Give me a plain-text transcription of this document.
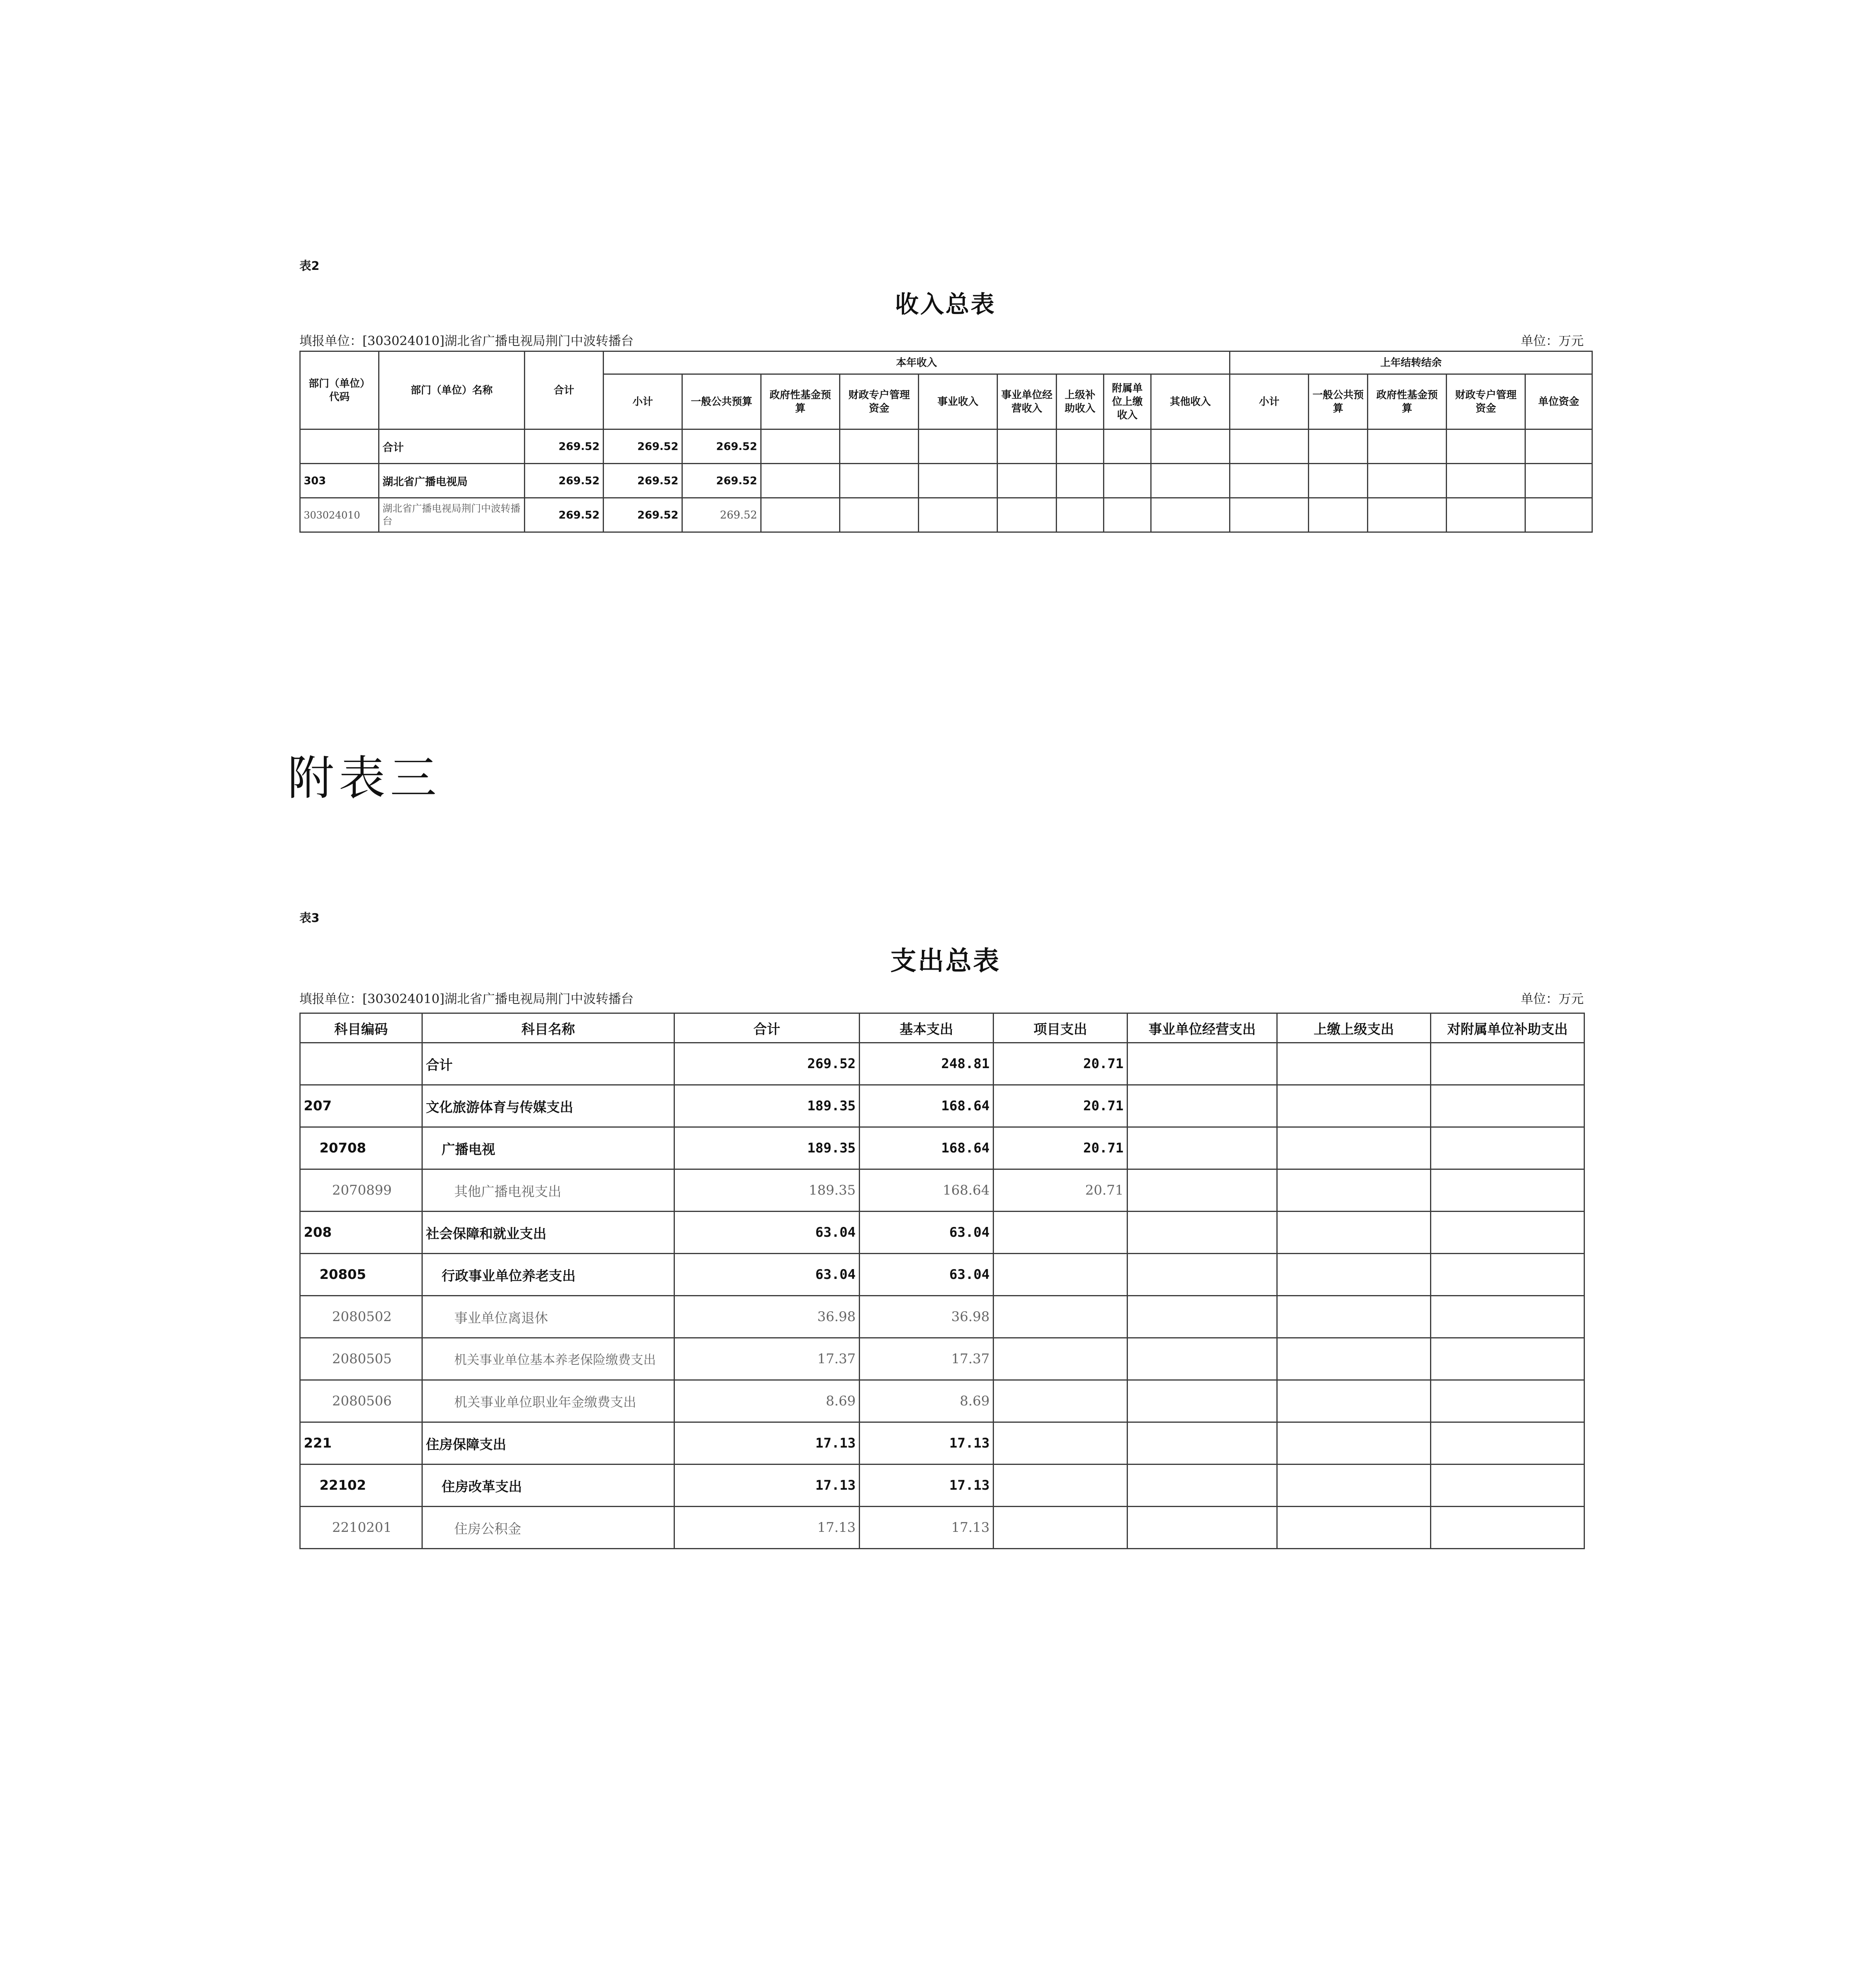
表2
收入总表
填报单位：[303024010]湖北省广播电视局荆门中波转播台	单位：万元
部门（单位）代码	部门（单位）名称	合计	本年收入									上年结转结余				
			小计	一般公共预算	政府性基金预算	财政专户管理资金	事业收入	事业单位经营收入	上级补助收入	附属单位上缴收入	其他收入	小计	一般公共预算	政府性基金预算	财政专户管理资金	单位资金
	合计	269.52	269.52	269.52												
303	湖北省广播电视局	269.52	269.52	269.52												
303024010	湖北省广播电视局荆门中波转播台	269.52	269.52	269.52												
附表三
表3
支出总表
填报单位：[303024010]湖北省广播电视局荆门中波转播台	单位：万元
科目编码	科目名称	合计	基本支出	项目支出	事业单位经营支出	上缴上级支出	对附属单位补助支出
	合计	269.52	248.81	20.71			
207	文化旅游体育与传媒支出	189.35	168.64	20.71			
20708	广播电视	189.35	168.64	20.71			
2070899	其他广播电视支出	189.35	168.64	20.71			
208	社会保障和就业支出	63.04	63.04				
20805	行政事业单位养老支出	63.04	63.04				
2080502	事业单位离退休	36.98	36.98				
2080505	机关事业单位基本养老保险缴费支出	17.37	17.37				
2080506	机关事业单位职业年金缴费支出	8.69	8.69				
221	住房保障支出	17.13	17.13				
22102	住房改革支出	17.13	17.13				
2210201	住房公积金	17.13	17.13				
